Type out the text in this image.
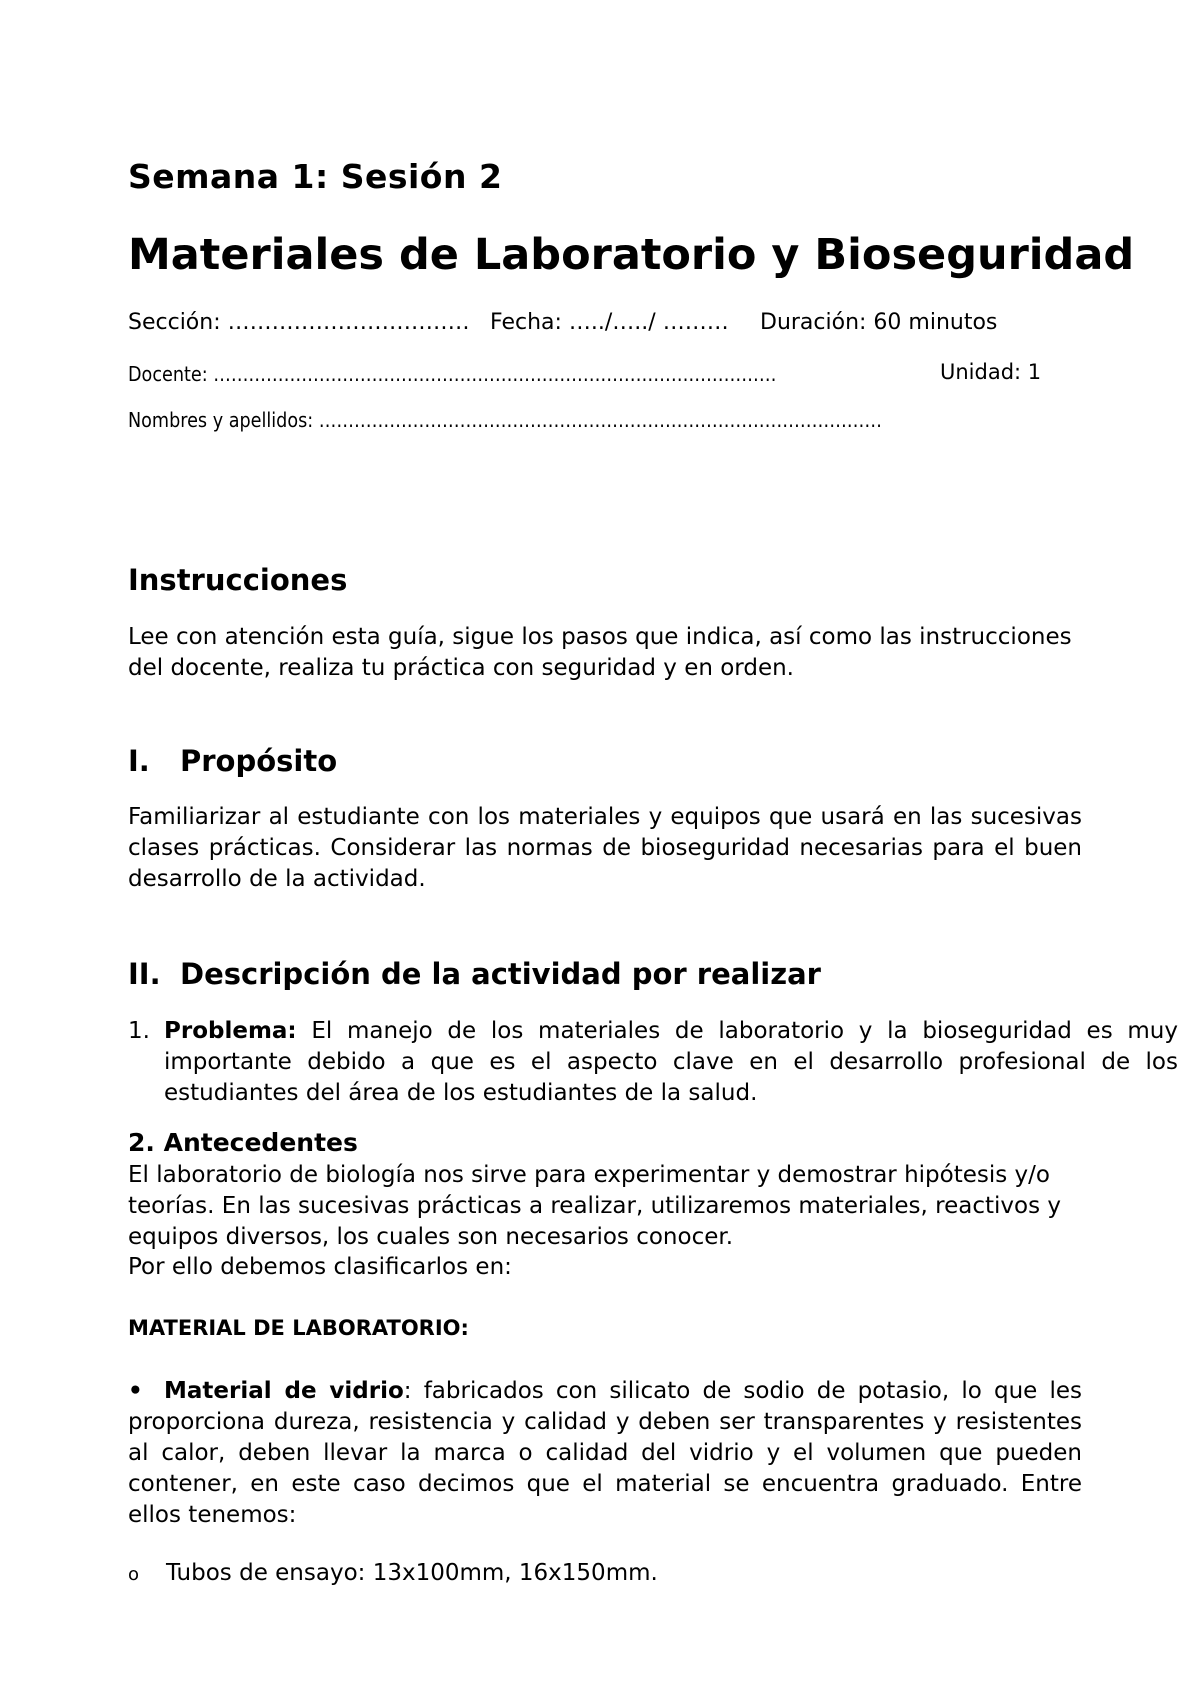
Semana 1: Sesión 2
Materiales de Laboratorio y Bioseguridad
Sección: …………………………… Fecha: …../…../ ……… Duración: 60 minutos
Docente: ……………………………………………………………………………………	Unidad: 1
Nombres y apellidos: ……………………………………………………………………………………
Instrucciones
Lee con atención esta guía, sigue los pasos que indica, así como las instrucciones del docente, realiza tu práctica con seguridad y en orden.
I. Propósito
Familiarizar al estudiante con los materiales y equipos que usará en las sucesivas clases prácticas. Considerar las normas de bioseguridad necesarias para el buen desarrollo de la actividad.
II. Descripción de la actividad por realizar
1. Problema: El manejo de los materiales de laboratorio y la bioseguridad es muy importante debido a que es el aspecto clave en el desarrollo profesional de los estudiantes del área de los estudiantes de la salud.
2. Antecedentes
El laboratorio de biología nos sirve para experimentar y demostrar hipótesis y/o teorías. En las sucesivas prácticas a realizar, utilizaremos materiales, reactivos y equipos diversos, los cuales son necesarios conocer.
Por ello debemos clasificarlos en:
MATERIAL DE LABORATORIO:
• Material de vidrio: fabricados con silicato de sodio de potasio, lo que les proporciona dureza, resistencia y calidad y deben ser transparentes y resistentes al calor, deben llevar la marca o calidad del vidrio y el volumen que pueden contener, en este caso decimos que el material se encuentra graduado. Entre ellos tenemos:
o Tubos de ensayo: 13x100mm, 16x150mm.
